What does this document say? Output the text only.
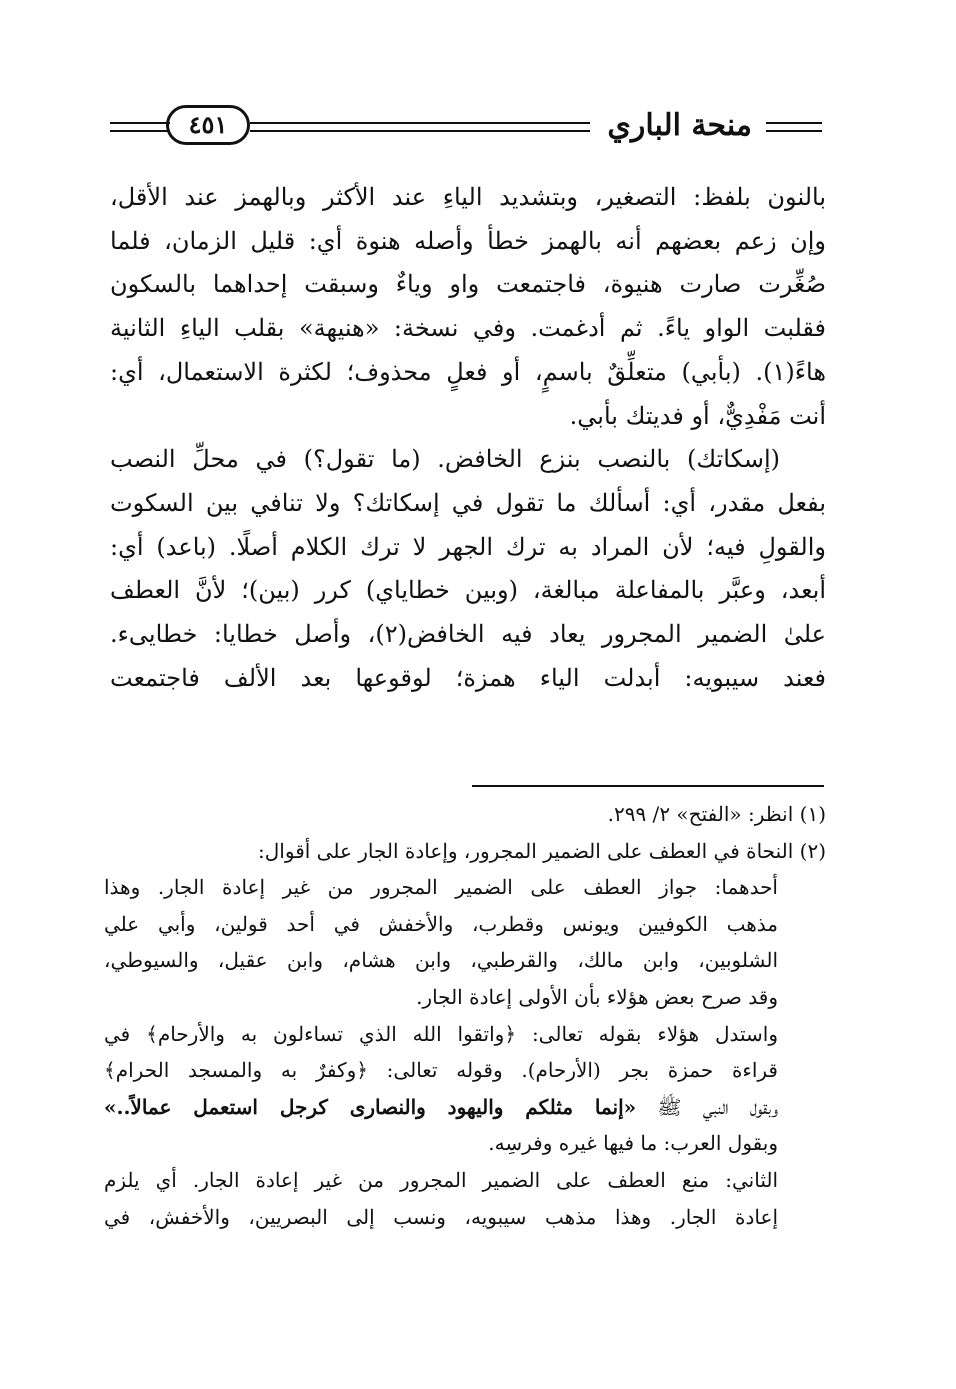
منحة الباري
٤٥١

بالنون بلفظ: التصغير، وبتشديد الياءِ عند الأكثر وبالهمز عند الأقل،

وإن زعم بعضهم أنه بالهمز خطأ وأصله هنوة أي: قليل الزمان، فلما

صُغِّرت صارت هنيوة، فاجتمعت واو وياءٌ وسبقت إحداهما بالسكون

فقلبت الواو ياءً. ثم أدغمت. وفي نسخة: «هنيهة» بقلب الياءِ الثانية

هاءً(١). (بأبي) متعلِّقٌ باسمٍ، أو فعلٍ محذوف؛ لكثرة الاستعمال، أي:

أنت مَفْدِيٌّ، أو فديتك بأبي.

(إسكاتك) بالنصب بنزع الخافض. (ما تقول؟) في محلِّ النصب

بفعل مقدر، أي: أسألك ما تقول في إسكاتك؟ ولا تنافي بين السكوت

والقولِ فيه؛ لأن المراد به ترك الجهر لا ترك الكلام أصلًا. (باعد) أي:

أبعد، وعبَّر بالمفاعلة مبالغة، (وبين خطاياي) كرر (بين)؛ لأنَّ العطف

علىٰ الضمير المجرور يعاد فيه الخافض(٢)، وأصل خطايا: خطايىء.

فعند سيبويه: أبدلت الياء همزة؛ لوقوعها بعد الألف فاجتمعت

(١) انظر: «الفتح» ٢/ ٢٩٩.

(٢) النحاة في العطف على الضمير المجرور، وإعادة الجار على أقوال:

أحدهما: جواز العطف على الضمير المجرور من غير إعادة الجار. وهذا

مذهب الكوفيين ويونس وقطرب، والأخفش في أحد قولين، وأبي علي

الشلوبين، وابن مالك، والقرطبي، وابن هشام، وابن عقيل، والسيوطي،

وقد صرح بعض هؤلاء بأن الأولى إعادة الجار.

واستدل هؤلاء بقوله تعالى: ﴿واتقوا الله الذي تساءلون به والأرحام﴾ في

قراءة حمزة بجر (الأرحام). وقوله تعالى: ﴿وكفرٌ به والمسجد الحرام﴾

وبقول النبي ﷺ «إنما مثلكم واليهود والنصارى كرجل استعمل عمالاً..»

وبقول العرب: ما فيها غيره وفرسِه.

الثاني: منع العطف على الضمير المجرور من غير إعادة الجار. أي يلزم

إعادة الجار. وهذا مذهب سيبويه، ونسب إلى البصريين، والأخفش، في
